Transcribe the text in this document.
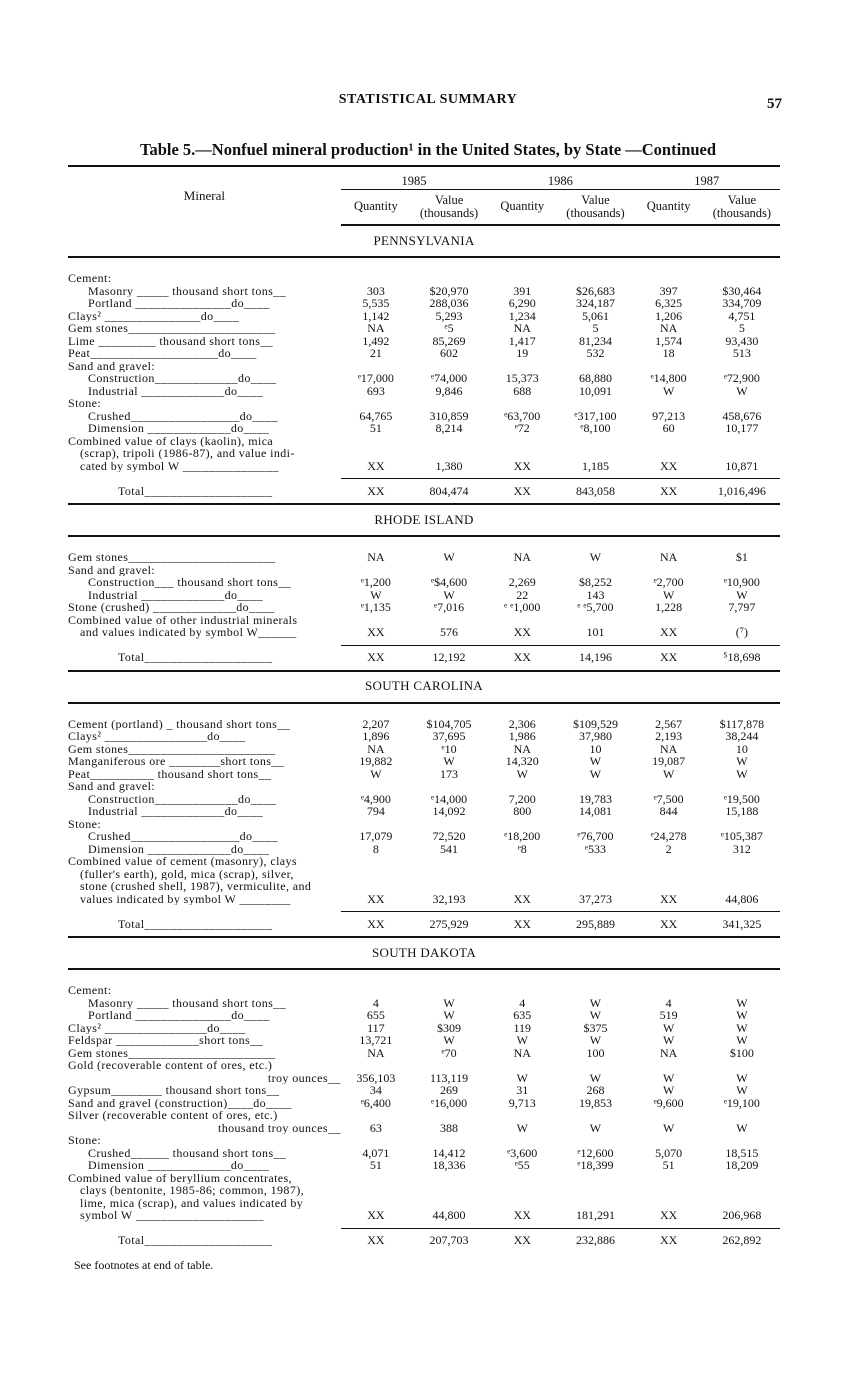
STATISTICAL SUMMARY	57
Table 5.—Nonfuel mineral production¹ in the United States, by State —Continued
Mineral	1985		1986		1987	
	Quantity	Value (thousands)	Quantity	Value (thousands)	Quantity	Value (thousands)
PENNSYLVANIA						

Cement:						
Masonry _____ thousand short tons__	303	$20,970	391	$26,683	397	$30,464
Portland _______________do____	5,535	288,036	6,290	324,187	6,325	334,709
Clays² _______________do____	1,142	5,293	1,234	5,061	1,206	4,751
Gem stones_______________________	NA	ᵉ5	NA	5	NA	5
Lime _________ thousand short tons__	1,492	85,269	1,417	81,234	1,574	93,430
Peat____________________do____	21	602	19	532	18	513
Sand and gravel:						
Construction_____________do____	ᵉ17,000	ᵉ74,000	15,373	68,880	ᵉ14,800	ᵉ72,900
Industrial _____________do____	693	9,846	688	10,091	W	W
Stone:						
Crushed_________________do____	64,765	310,859	ᵉ63,700	ᵉ317,100	97,213	458,676
Dimension _____________do____	51	8,214	ᵉ72	ᵉ8,100	60	10,177
Combined value of clays (kaolin), mica						
(scrap), tripoli (1986-87), and value indi-						
cated by symbol W _______________	XX	1,380	XX	1,185	XX	10,871

Total____________________	XX	804,474	XX	843,058	XX	1,016,496
RHODE ISLAND						

Gem stones_______________________	NA	W	NA	W	NA	$1
Sand and gravel:						
Construction___ thousand short tons__	ᵉ1,200	ᵉ$4,600	2,269	$8,252	ᵉ2,700	ᵉ10,900
Industrial _____________do____	W	W	22	143	W	W
Stone (crushed) _____________do____	ᵉ1,135	ᵉ7,016	ᵉ ᵉ1,000	ᵉ ᵉ5,700	1,228	7,797
Combined value of other industrial minerals						
and values indicated by symbol W______	XX	576	XX	101	XX	(⁷)

Total____________________	XX	12,192	XX	14,196	XX	⁵18,698
SOUTH CAROLINA						

Cement (portland) _ thousand short tons__	2,207	$104,705	2,306	$109,529	2,567	$117,878
Clays² ________________do____	1,896	37,695	1,986	37,980	2,193	38,244
Gem stones_______________________	NA	ᵉ10	NA	10	NA	10
Manganiferous ore ________short tons__	19,882	W	14,320	W	19,087	W
Peat__________ thousand short tons__	W	173	W	W	W	W
Sand and gravel:						
Construction_____________do____	ᵉ4,900	ᵉ14,000	7,200	19,783	ᵉ7,500	ᵉ19,500
Industrial _____________do____	794	14,092	800	14,081	844	15,188
Stone:						
Crushed_________________do____	17,079	72,520	ᵉ18,200	ᵉ76,700	ᵉ24,278	ᵉ105,387
Dimension _____________do____	8	541	ᵉ8	ᵉ533	2	312
Combined value of cement (masonry), clays						
(fuller's earth), gold, mica (scrap), silver,						
stone (crushed shell, 1987), vermiculite, and						
values indicated by symbol W ________	XX	32,193	XX	37,273	XX	44,806

Total____________________	XX	275,929	XX	295,889	XX	341,325
SOUTH DAKOTA						

Cement:						
Masonry _____ thousand short tons__	4	W	4	W	4	W
Portland _______________do____	655	W	635	W	519	W
Clays² ________________do____	117	$309	119	$375	W	W
Feldspar _____________short tons__	13,721	W	W	W	W	W
Gem stones_______________________	NA	ᵉ70	NA	100	NA	$100
Gold (recoverable content of ores, etc.)						
troy ounces__	356,103	113,119	W	W	W	W
Gypsum________ thousand short tons__	34	269	31	268	W	W
Sand and gravel (construction)____do____	ᵉ6,400	ᵉ16,000	9,713	19,853	ᵉ9,600	ᵉ19,100
Silver (recoverable content of ores, etc.)						
thousand troy ounces__	63	388	W	W	W	W
Stone:						
Crushed______ thousand short tons__	4,071	14,412	ᵉ3,600	ᵉ12,600	5,070	18,515
Dimension _____________do____	51	18,336	ᵉ55	ᵉ18,399	51	18,209
Combined value of beryllium concentrates,						
clays (bentonite, 1985-86; common, 1987),						
lime, mica (scrap), and values indicated by						
symbol W ____________________	XX	44,800	XX	181,291	XX	206,968

Total____________________	XX	207,703	XX	232,886	XX	262,892
See footnotes at end of table.
